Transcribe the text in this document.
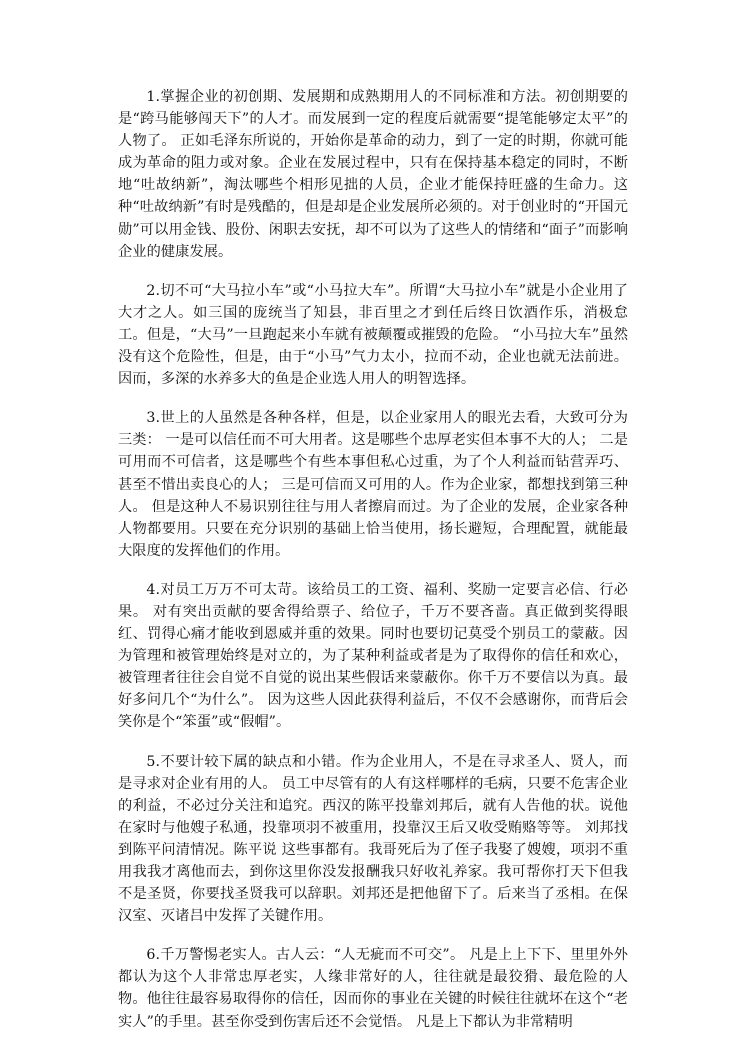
1.掌握企业的初创期、发展期和成熟期用人的不同标准和方法。初创期要的是“跨马能够闯天下”的人才。而发展到一定的程度后就需要“提笔能够定太平”的人物了。 正如毛泽东所说的，开始你是革命的动力，到了一定的时期，你就可能成为革命的阻力或对象。企业在发展过程中，只有在保持基本稳定的同时，不断地“吐故纳新”，淘汰哪些个相形见拙的人员，企业才能保持旺盛的生命力。这种“吐故纳新”有时是残酷的，但是却是企业发展所必须的。对于创业时的“开国元勋”可以用金钱、股份、闲职去安抚，却不可以为了这些人的情绪和“面子”而影响企业的健康发展。

2.切不可“大马拉小车”或“小马拉大车”。所谓“大马拉小车”就是小企业用了大才之人。如三国的庞统当了知县，非百里之才到任后终日饮酒作乐，消极怠工。但是，“大马”一旦跑起来小车就有被颠覆或摧毁的危险。 “小马拉大车”虽然没有这个危险性，但是，由于“小马”气力太小，拉而不动，企业也就无法前进。因而，多深的水养多大的鱼是企业选人用人的明智选择。

3.世上的人虽然是各种各样，但是，以企业家用人的眼光去看，大致可分为三类： 一是可以信任而不可大用者。这是哪些个忠厚老实但本事不大的人； 二是可用而不可信者，这是哪些个有些本事但私心过重，为了个人利益而钻营弄巧、甚至不惜出卖良心的人； 三是可信而又可用的人。作为企业家，都想找到第三种人。 但是这种人不易识别往往与用人者擦肩而过。为了企业的发展，企业家各种人物都要用。只要在充分识别的基础上恰当使用，扬长避短，合理配置，就能最大限度的发挥他们的作用。

4.对员工万万不可太苛。该给员工的工资、福利、奖励一定要言必信、行必果。 对有突出贡献的要舍得给票子、给位子，千万不要吝啬。真正做到奖得眼红、罚得心痛才能收到恩威并重的效果。同时也要切记莫受个别员工的蒙蔽。因为管理和被管理始终是对立的，为了某种利益或者是为了取得你的信任和欢心，被管理者往往会自觉不自觉的说出某些假话来蒙蔽你。你千万不要信以为真。最好多问几个“为什么”。 因为这些人因此获得利益后，不仅不会感谢你，而背后会笑你是个“笨蛋”或“假帽”。

5.不要计较下属的缺点和小错。作为企业用人，不是在寻求圣人、贤人，而是寻求对企业有用的人。 员工中尽管有的人有这样哪样的毛病，只要不危害企业的利益，不必过分关注和追究。西汉的陈平投靠刘邦后，就有人告他的状。说他在家时与他嫂子私通，投靠项羽不被重用，投靠汉王后又收受贿赂等等。 刘邦找到陈平问清情况。陈平说 这些事都有。我哥死后为了侄子我娶了嫂嫂，项羽不重用我我才离他而去，到你这里你没发报酬我只好收礼养家。我可帮你打天下但我不是圣贤，你要找圣贤我可以辞职。刘邦还是把他留下了。后来当了丞相。在保汉室、灭诸吕中发挥了关键作用。

6.千万警惕老实人。古人云：“人无疵而不可交”。 凡是上上下下、里里外外都认为这个人非常忠厚老实，人缘非常好的人，往往就是最狡猾、最危险的人物。他往往最容易取得你的信任，因而你的事业在关键的时候往往就坏在这个“老实人”的手里。甚至你受到伤害后还不会觉悟。 凡是上下都认为非常精明
